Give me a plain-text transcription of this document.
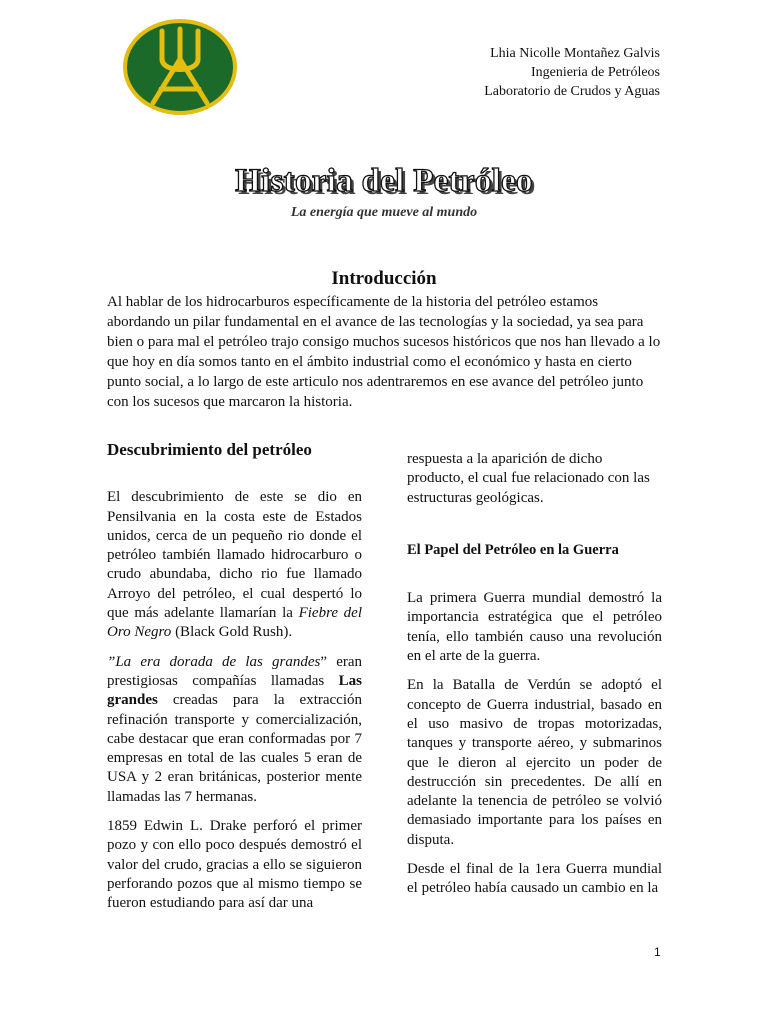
Lhia Nicolle Montañez Galvis
Ingenieria de Petróleos
Laboratorio de Crudos y Aguas
Historia del Petróleo
La energía que mueve al mundo
Introducción
Al hablar de los hidrocarburos específicamente de la historia del petróleo estamos abordando un pilar fundamental en el avance de las tecnologías y la sociedad, ya sea para bien o para mal el petróleo trajo consigo muchos sucesos históricos que nos han llevado a lo que hoy en día somos tanto en el ámbito industrial como el económico y hasta en cierto punto social, a lo largo de este articulo nos adentraremos en ese avance del petróleo junto con los sucesos que marcaron la historia.
Descubrimiento del petróleo

El descubrimiento de este se dio en Pensilvania en la costa este de Estados unidos, cerca de un pequeño rio donde el petróleo también llamado hidrocarburo o crudo abundaba, dicho rio fue llamado Arroyo del petróleo, el cual despertó lo que más adelante llamarían la Fiebre del Oro Negro (Black Gold Rush).

”La era dorada de las grandes” eran prestigiosas compañías llamadas Las grandes creadas para la extracción refinación transporte y comercialización, cabe destacar que eran conformadas por 7 empresas en total de las cuales 5 eran de USA y 2 eran británicas, posterior mente llamadas las 7 hermanas.

1859 Edwin L. Drake perforó el primer pozo y con ello poco después demostró el valor del crudo, gracias a ello se siguieron perforando pozos que al mismo tiempo se fueron estudiando para así dar una

respuesta a la aparición de dicho producto, el cual fue relacionado con las estructuras geológicas.

El Papel del Petróleo en la Guerra

La primera Guerra mundial demostró la importancia estratégica que el petróleo tenía, ello también causo una revolución en el arte de la guerra.

En la Batalla de Verdún se adoptó el concepto de Guerra industrial, basado en el uso masivo de tropas motorizadas, tanques y transporte aéreo, y submarinos que le dieron al ejercito un poder de destrucción sin precedentes. De allí en adelante la tenencia de petróleo se volvió demasiado importante para los países en disputa.

Desde el final de la 1era Guerra mundial el petróleo había causado un cambio en la

1
